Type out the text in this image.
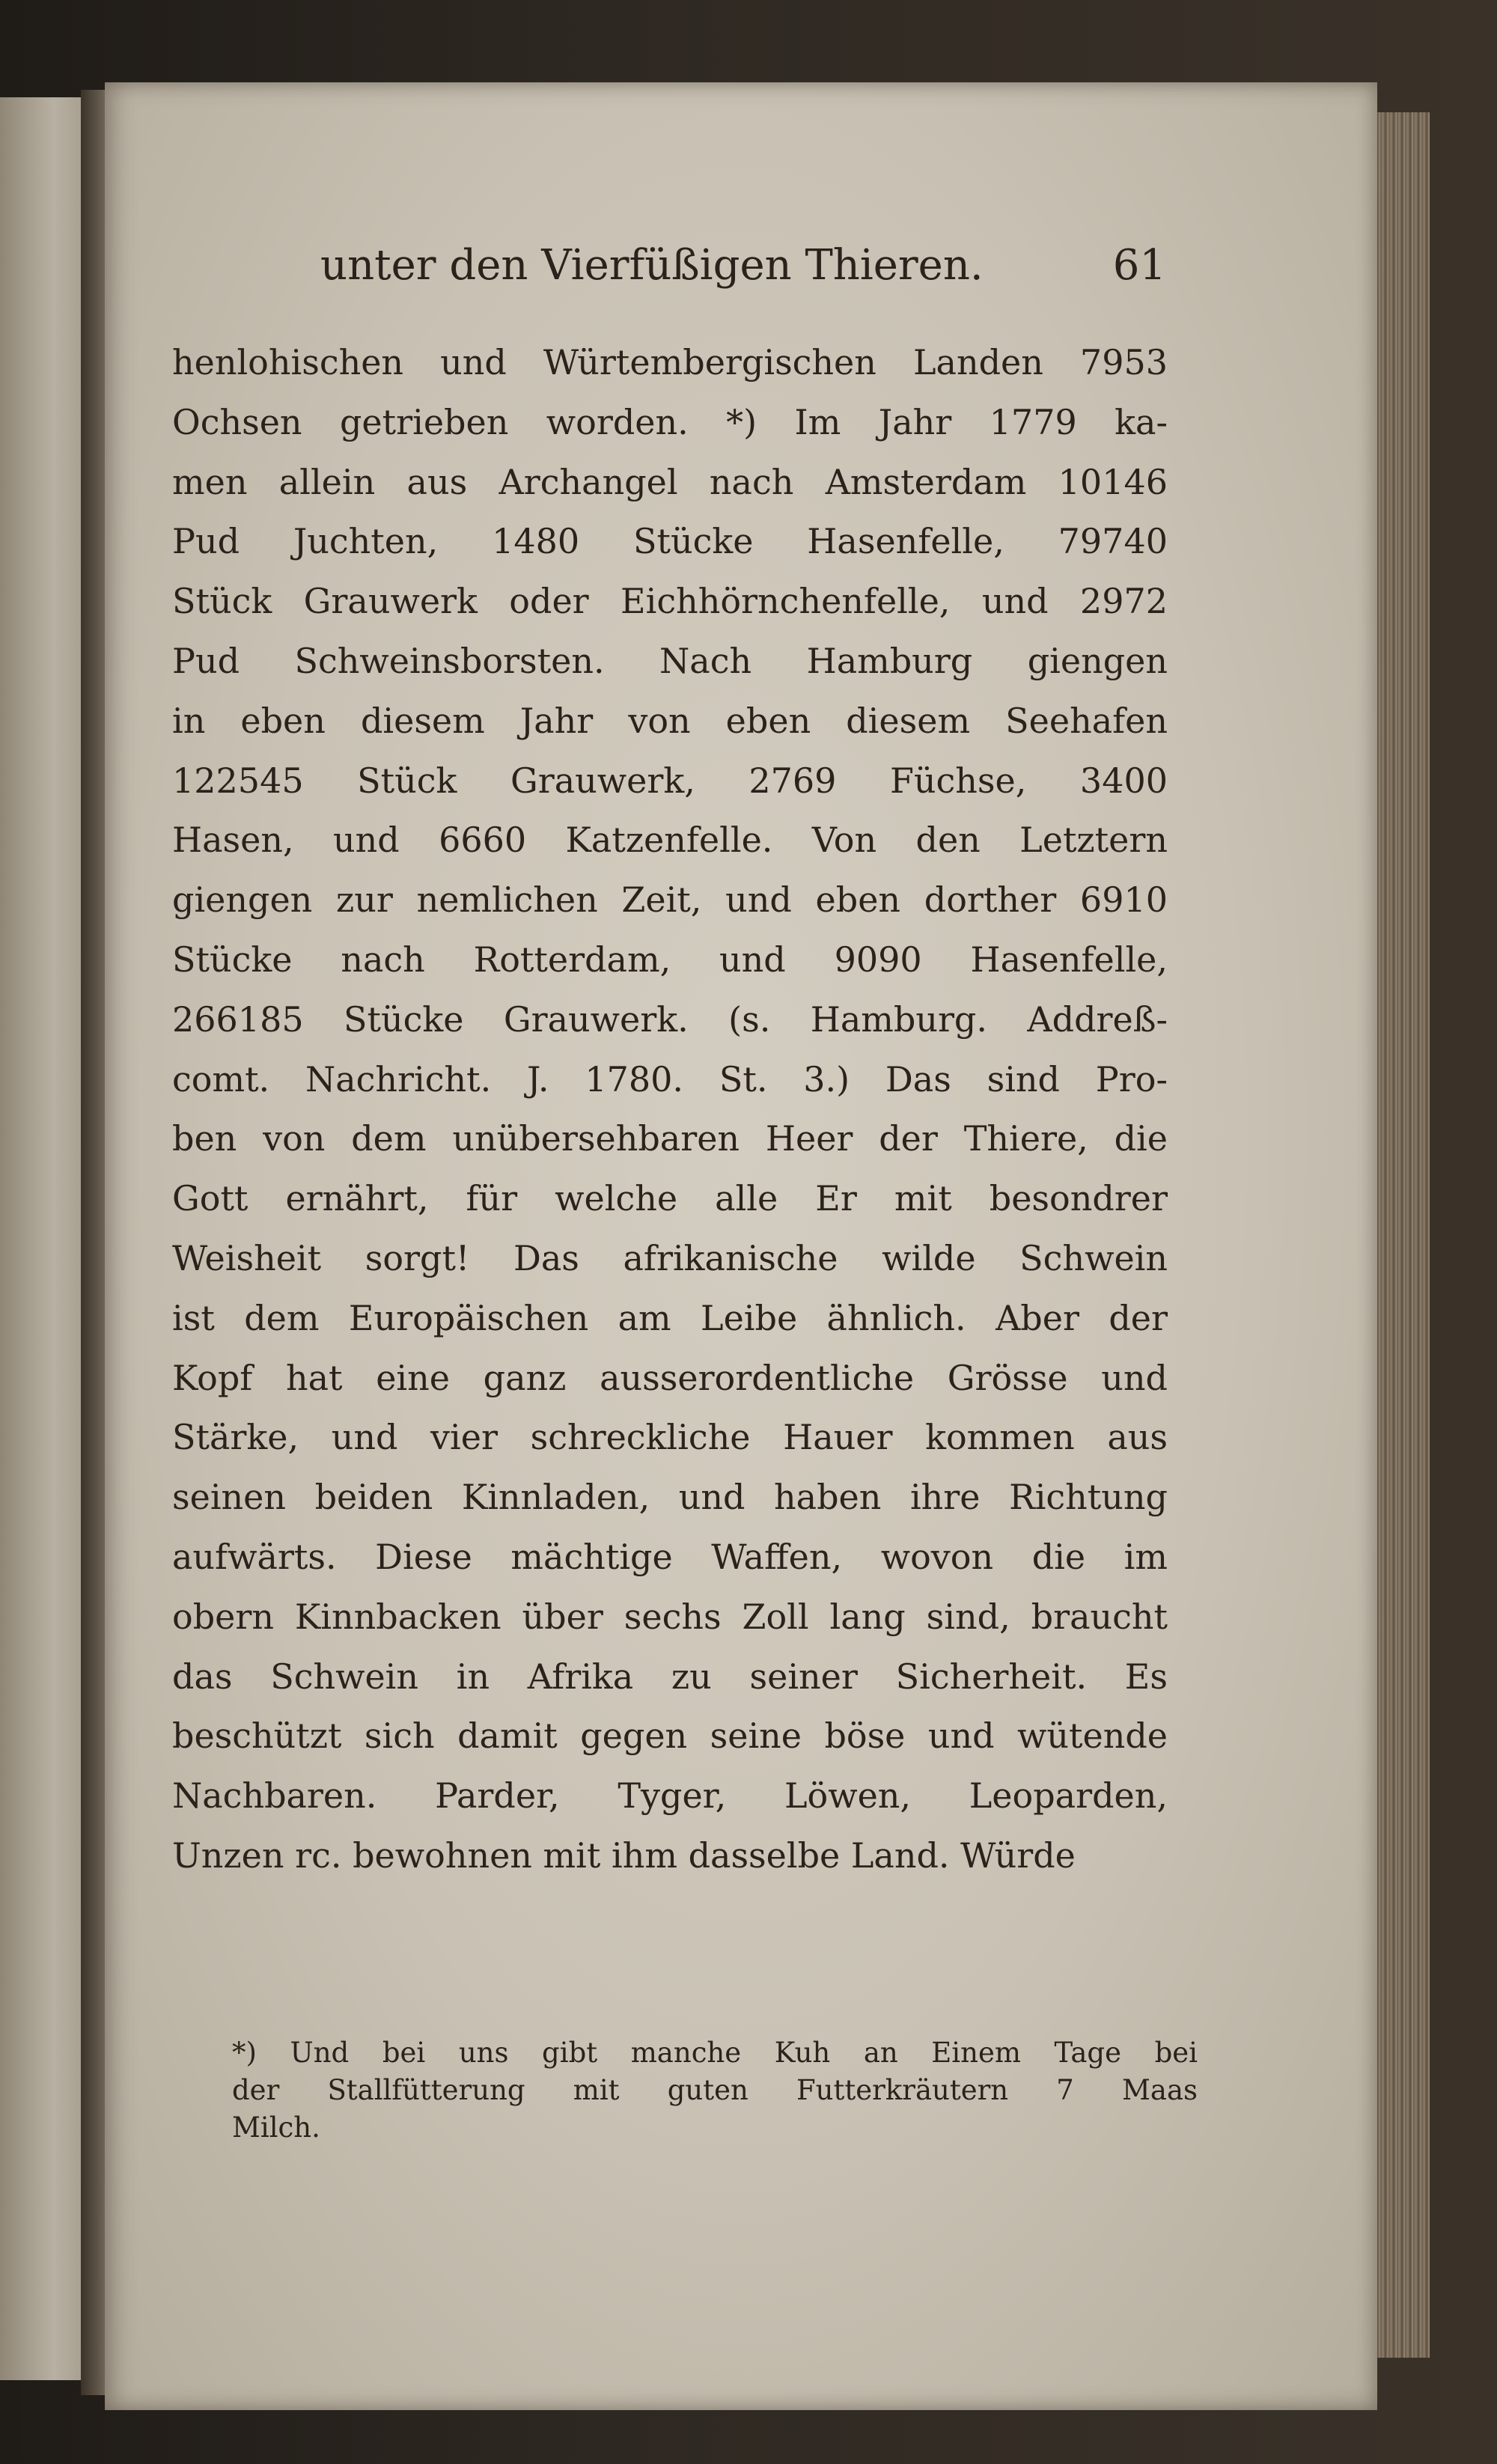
unter den Vierfüßigen Thieren.	61
henlohischen und Würtembergischen Landen 7953
Ochsen getrieben worden. *) Im Jahr 1779 ka-
men allein aus Archangel nach Amsterdam 10146
Pud Juchten, 1480 Stücke Hasenfelle, 79740
Stück Grauwerk oder Eichhörnchenfelle, und 2972
Pud Schweinsborsten. Nach Hamburg giengen
in eben diesem Jahr von eben diesem Seehafen
122545 Stück Grauwerk, 2769 Füchse, 3400
Hasen, und 6660 Katzenfelle. Von den Letztern
giengen zur nemlichen Zeit, und eben dorther 6910
Stücke nach Rotterdam, und 9090 Hasenfelle,
266185 Stücke Grauwerk. (s. Hamburg. Addreß-
comt. Nachricht. J. 1780. St. 3.) Das sind Pro-
ben von dem unübersehbaren Heer der Thiere, die
Gott ernährt, für welche alle Er mit besondrer
Weisheit sorgt! Das afrikanische wilde Schwein
ist dem Europäischen am Leibe ähnlich. Aber der
Kopf hat eine ganz ausserordentliche Grösse und
Stärke, und vier schreckliche Hauer kommen aus
seinen beiden Kinnladen, und haben ihre Richtung
aufwärts. Diese mächtige Waffen, wovon die im
obern Kinnbacken über sechs Zoll lang sind, braucht
das Schwein in Afrika zu seiner Sicherheit. Es
beschützt sich damit gegen seine böse und wütende
Nachbaren. Parder, Tyger, Löwen, Leoparden,
Unzen rc. bewohnen mit ihm dasselbe Land. Würde
*) Und bei uns gibt manche Kuh an Einem Tage bei
der Stallfütterung mit guten Futterkräutern 7 Maas
Milch.
